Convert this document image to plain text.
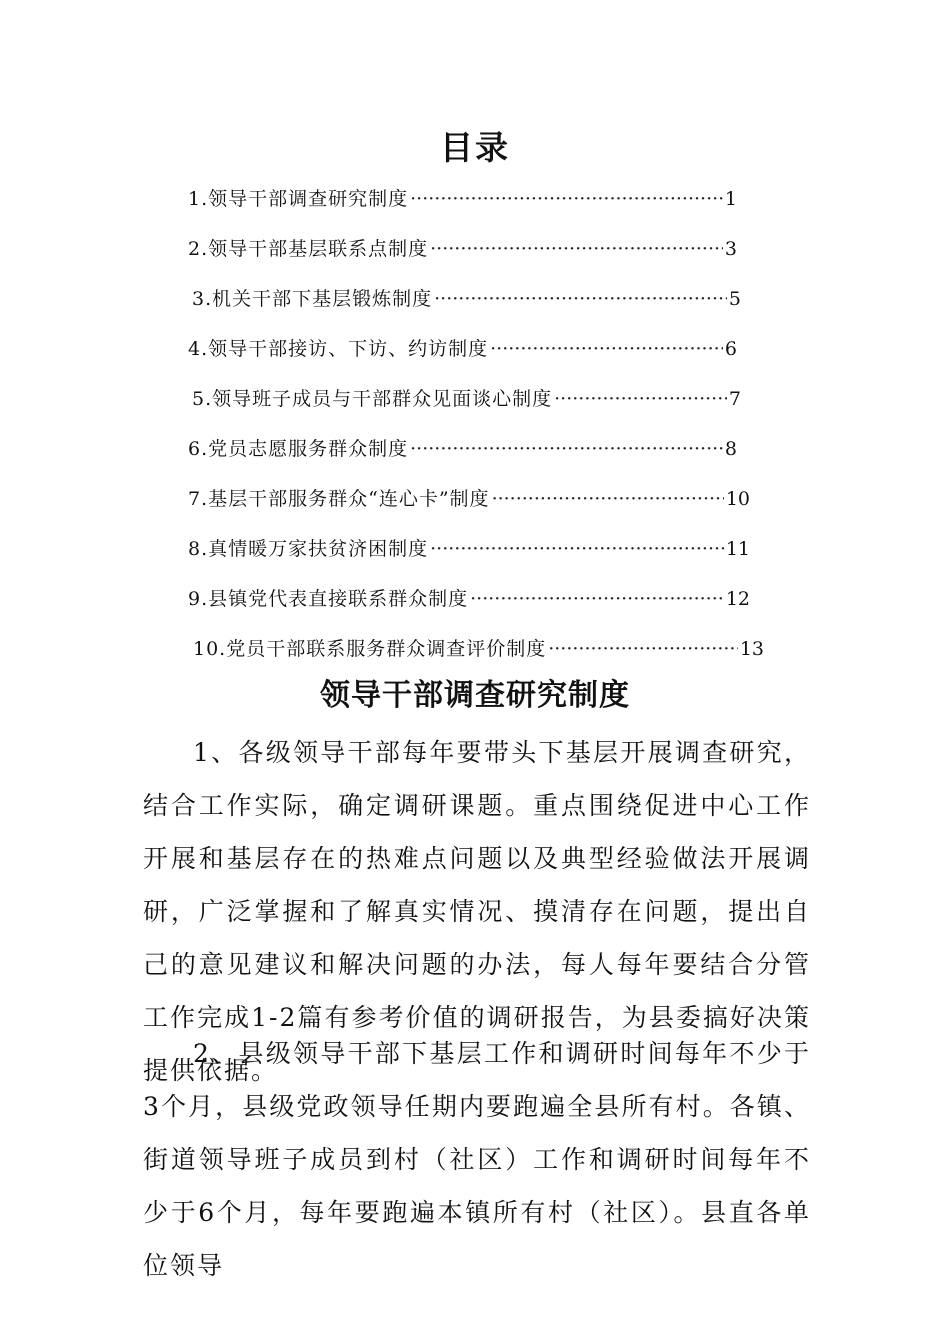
目录
1.领导干部调查研究制度 ·····	1
2.领导干部基层联系点制度 ·····	3
3.机关干部下基层锻炼制度 ·····	5
4.领导干部接访、下访、约访制度 ·····	6
5.领导班子成员与干部群众见面谈心制度 ·····	7
6.党员志愿服务群众制度 ·····	8
7.基层干部服务群众“连心卡”制度 ·····	10
8.真情暖万家扶贫济困制度 ·····	11
9.县镇党代表直接联系群众制度 ·····	12
10.党员干部联系服务群众调查评价制度 ·····	13
领导干部调查研究制度

1、各级领导干部每年要带头下基层开展调查研究，结合工作实际，确定调研课题。重点围绕促进中心工作开展和基层存在的热难点问题以及典型经验做法开展调研，广泛掌握和了解真实情况、摸清存在问题，提出自己的意见建议和解决问题的办法，每人每年要结合分管工作完成1-2篇有参考价值的调研报告，为县委搞好决策提供依据。

2、县级领导干部下基层工作和调研时间每年不少于3个月，县级党政领导任期内要跑遍全县所有村。各镇、街道领导班子成员到村（社区）工作和调研时间每年不少于6个月，每年要跑遍本镇所有村（社区）。县直各单位领导
